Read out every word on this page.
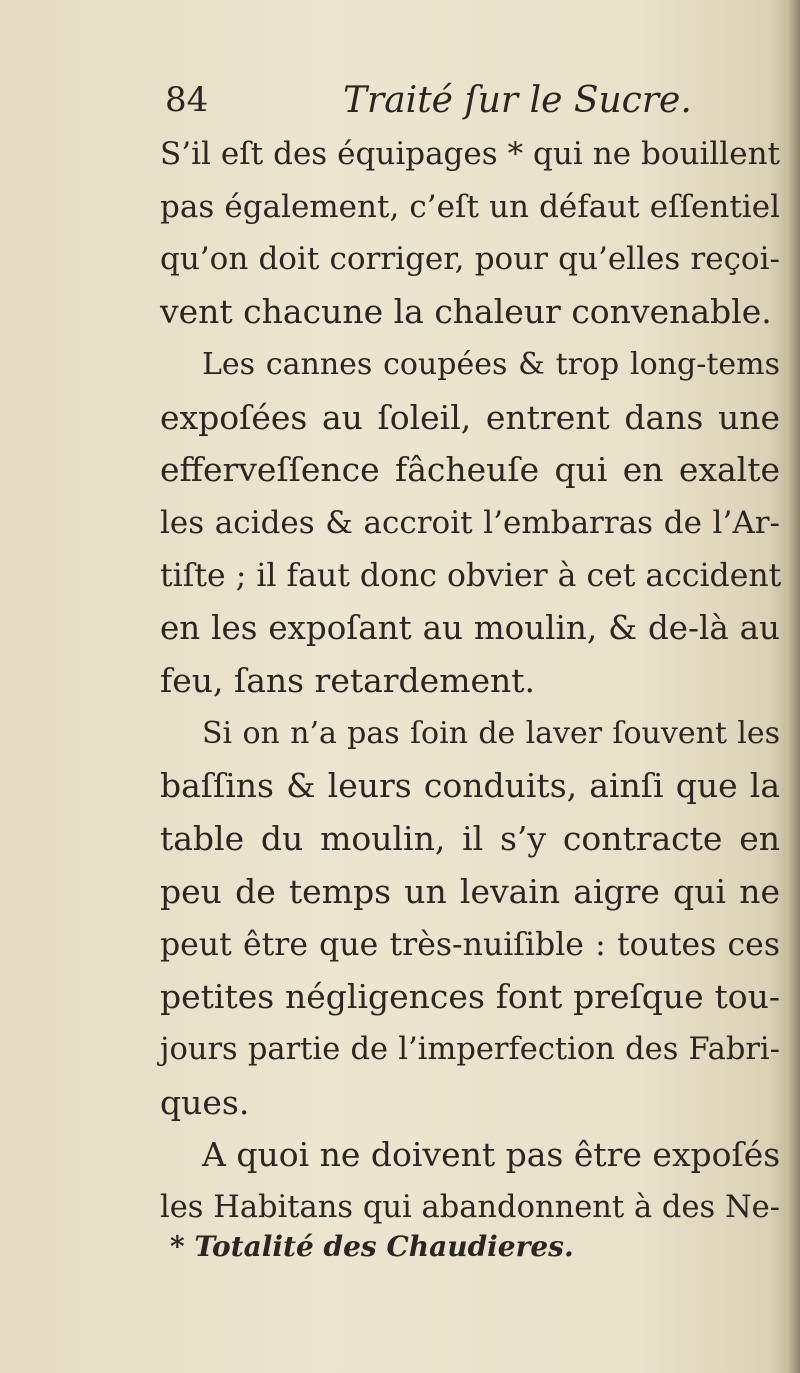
84	Traité ſur le Sucre.
S’il eſt des équipages * qui ne bouillent
pas également, c’eſt un défaut eſſentiel
qu’on doit corriger, pour qu’elles reçoi-
vent chacune la chaleur convenable.
Les cannes coupées & trop long-tems
expoſées au ſoleil, entrent dans une
efferveſſence fâcheuſe qui en exalte
les acides & accroit l’embarras de l’Ar-
tiſte ; il faut donc obvier à cet accident
en les expoſant au moulin, & de-là au
feu, ſans retardement.
Si on n’a pas ſoin de laver ſouvent les
baſſins & leurs conduits, ainſi que la
table du moulin, il s’y contracte en
peu de temps un levain aigre qui ne
peut être que très-nuiſible : toutes ces
petites négligences font preſque tou-
jours partie de l’imperfection des Fabri-
ques.
A quoi ne doivent pas être expoſés
les Habitans qui abandonnent à des Ne-
* Totalité des Chaudieres.
